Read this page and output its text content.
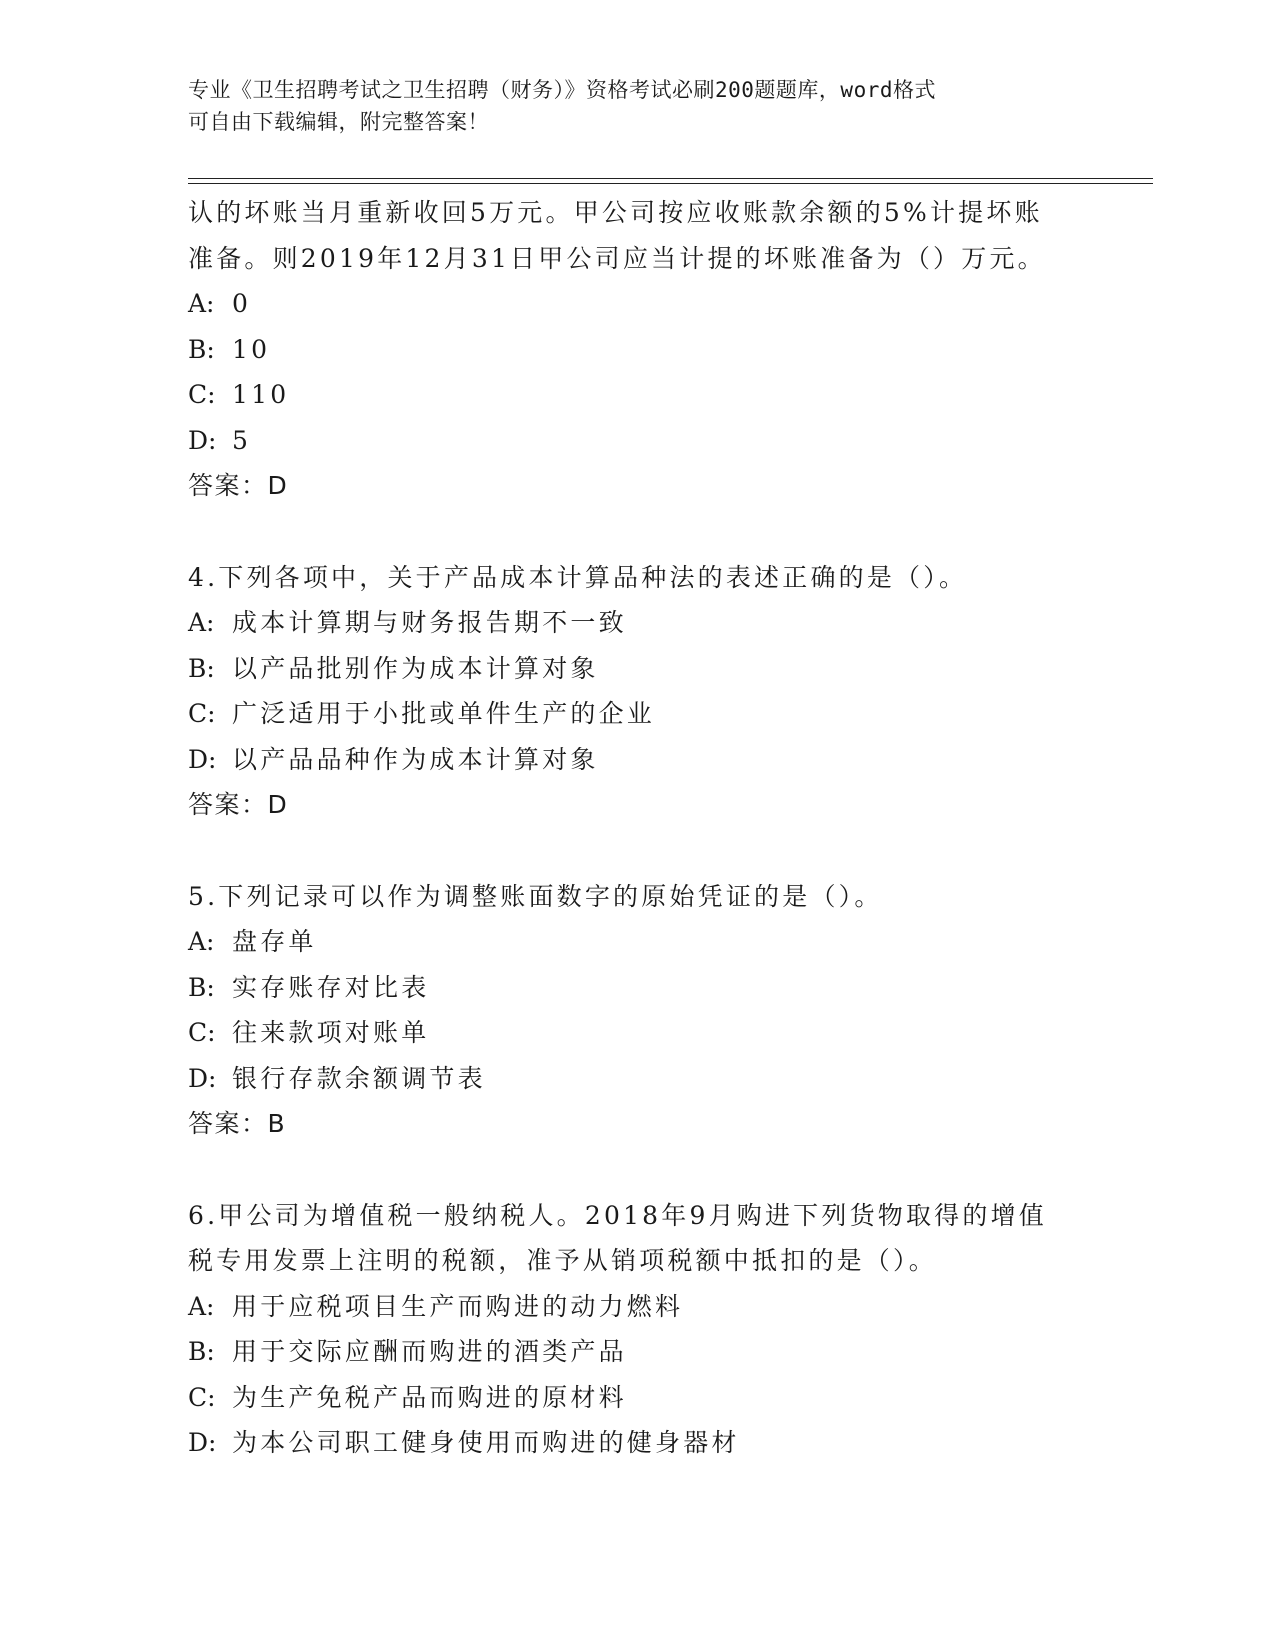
专业《卫生招聘考试之卫生招聘（财务）》资格考试必刷200题题库，word格式
可自由下载编辑，附完整答案！
认的坏账当月重新收回5万元。甲公司按应收账款余额的5%计提坏账
准备。则2019年12月31日甲公司应当计提的坏账准备为（）万元。
A: 0
B: 10
C: 110
D: 5
答案：D
4.下列各项中，关于产品成本计算品种法的表述正确的是（）。
A: 成本计算期与财务报告期不一致
B: 以产品批别作为成本计算对象
C: 广泛适用于小批或单件生产的企业
D: 以产品品种作为成本计算对象
答案：D
5.下列记录可以作为调整账面数字的原始凭证的是（）。
A: 盘存单
B: 实存账存对比表
C: 往来款项对账单
D: 银行存款余额调节表
答案：B
6.甲公司为增值税一般纳税人。2018年9月购进下列货物取得的增值
税专用发票上注明的税额，准予从销项税额中抵扣的是（）。
A: 用于应税项目生产而购进的动力燃料
B: 用于交际应酬而购进的酒类产品
C: 为生产免税产品而购进的原材料
D: 为本公司职工健身使用而购进的健身器材
